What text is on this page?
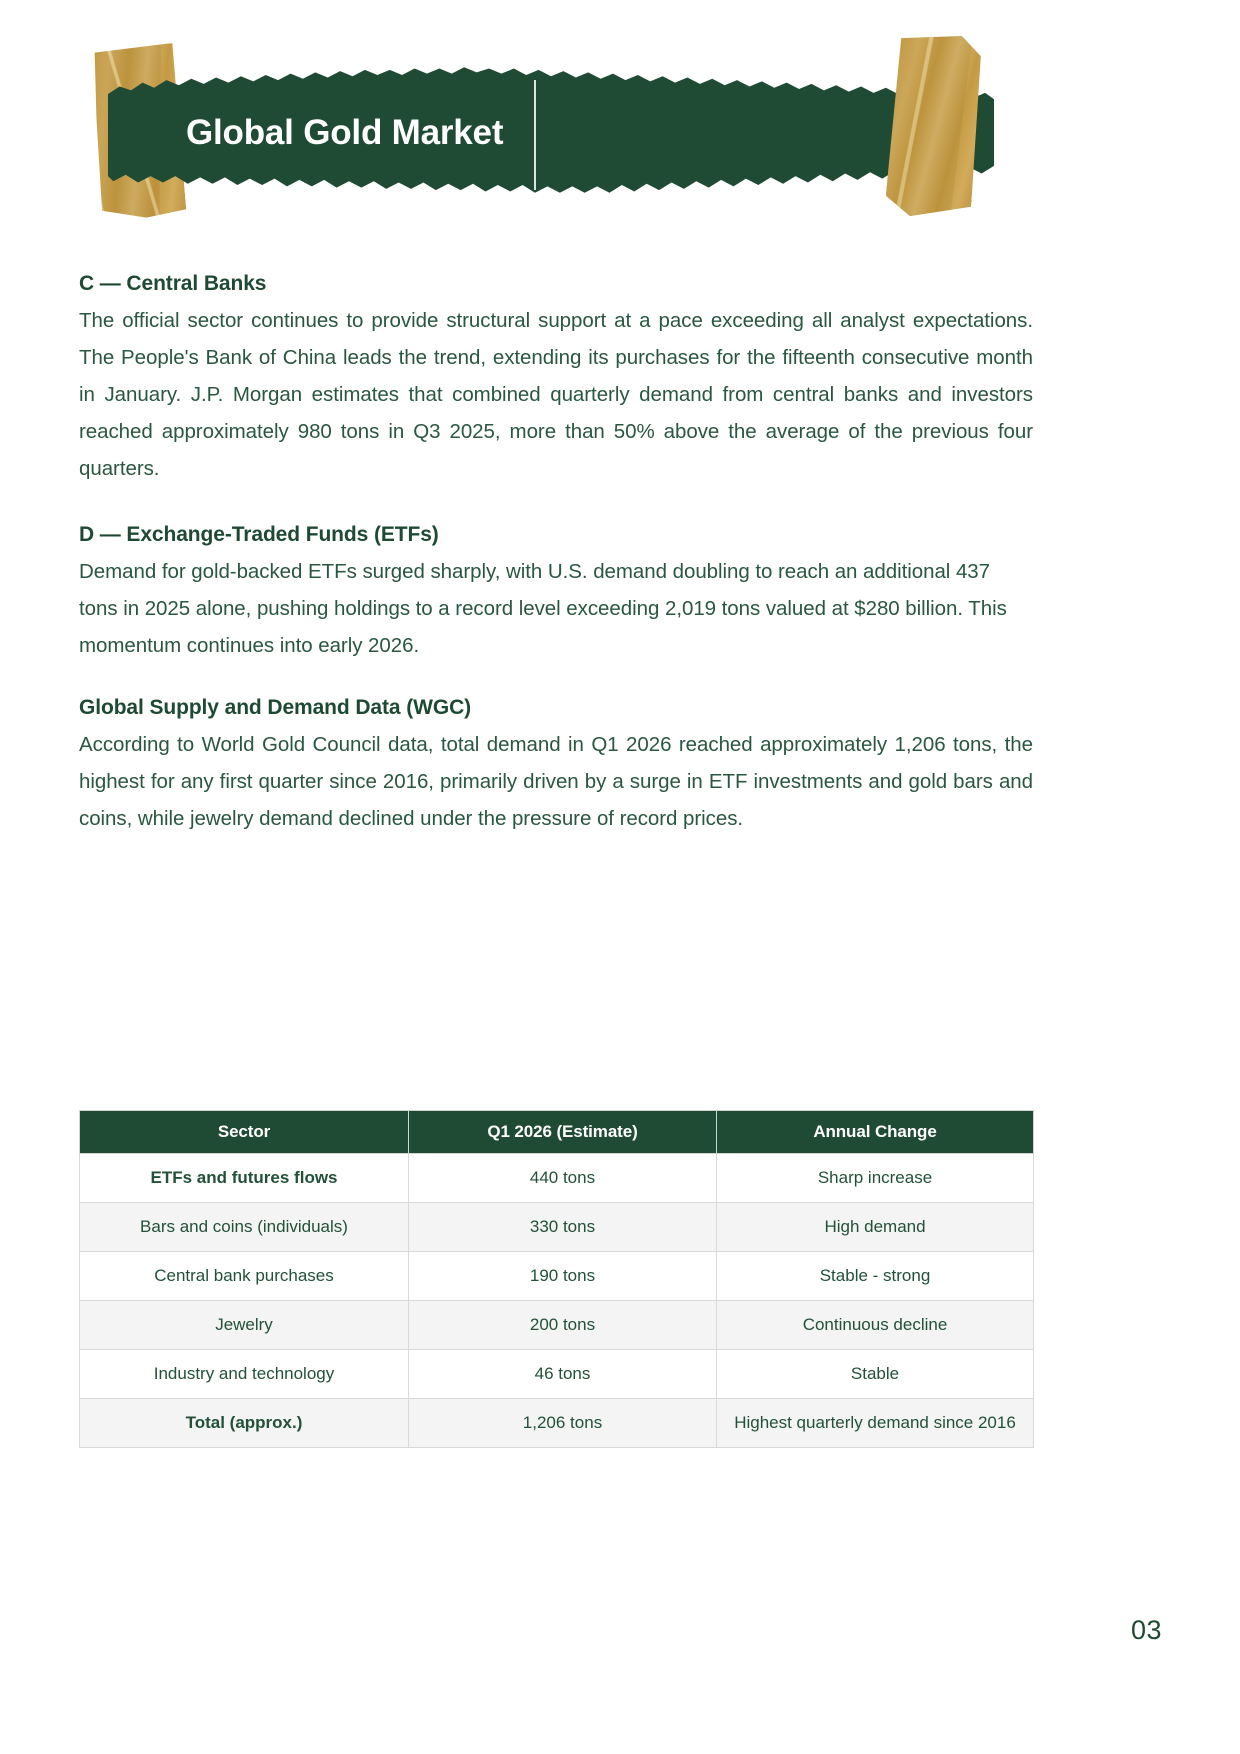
Global Gold Market
C — Central Banks

The official sector continues to provide structural support at a pace exceeding all analyst expectations. The People's Bank of China leads the trend, extending its purchases for the fifteenth consecutive month in January. J.P. Morgan estimates that combined quarterly demand from central banks and investors reached approximately 980 tons in Q3 2025, more than 50% above the average of the previous four quarters.

D — Exchange-Traded Funds (ETFs)

Demand for gold-backed ETFs surged sharply, with U.S. demand doubling to reach an additional 437 tons in 2025 alone, pushing holdings to a record level exceeding 2,019 tons valued at $280 billion. This momentum continues into early 2026.

Global Supply and Demand Data (WGC)

According to World Gold Council data, total demand in Q1 2026 reached approximately 1,206 tons, the highest for any first quarter since 2016, primarily driven by a surge in ETF investments and gold bars and coins, while jewelry demand declined under the pressure of record prices.

Sector	Q1 2026 (Estimate)	Annual Change
ETFs and futures flows	440 tons	Sharp increase
Bars and coins (individuals)	330 tons	High demand
Central bank purchases	190 tons	Stable - strong
Jewelry	200 tons	Continuous decline
Industry and technology	46 tons	Stable
Total (approx.)	1,206 tons	Highest quarterly demand since 2016
03
